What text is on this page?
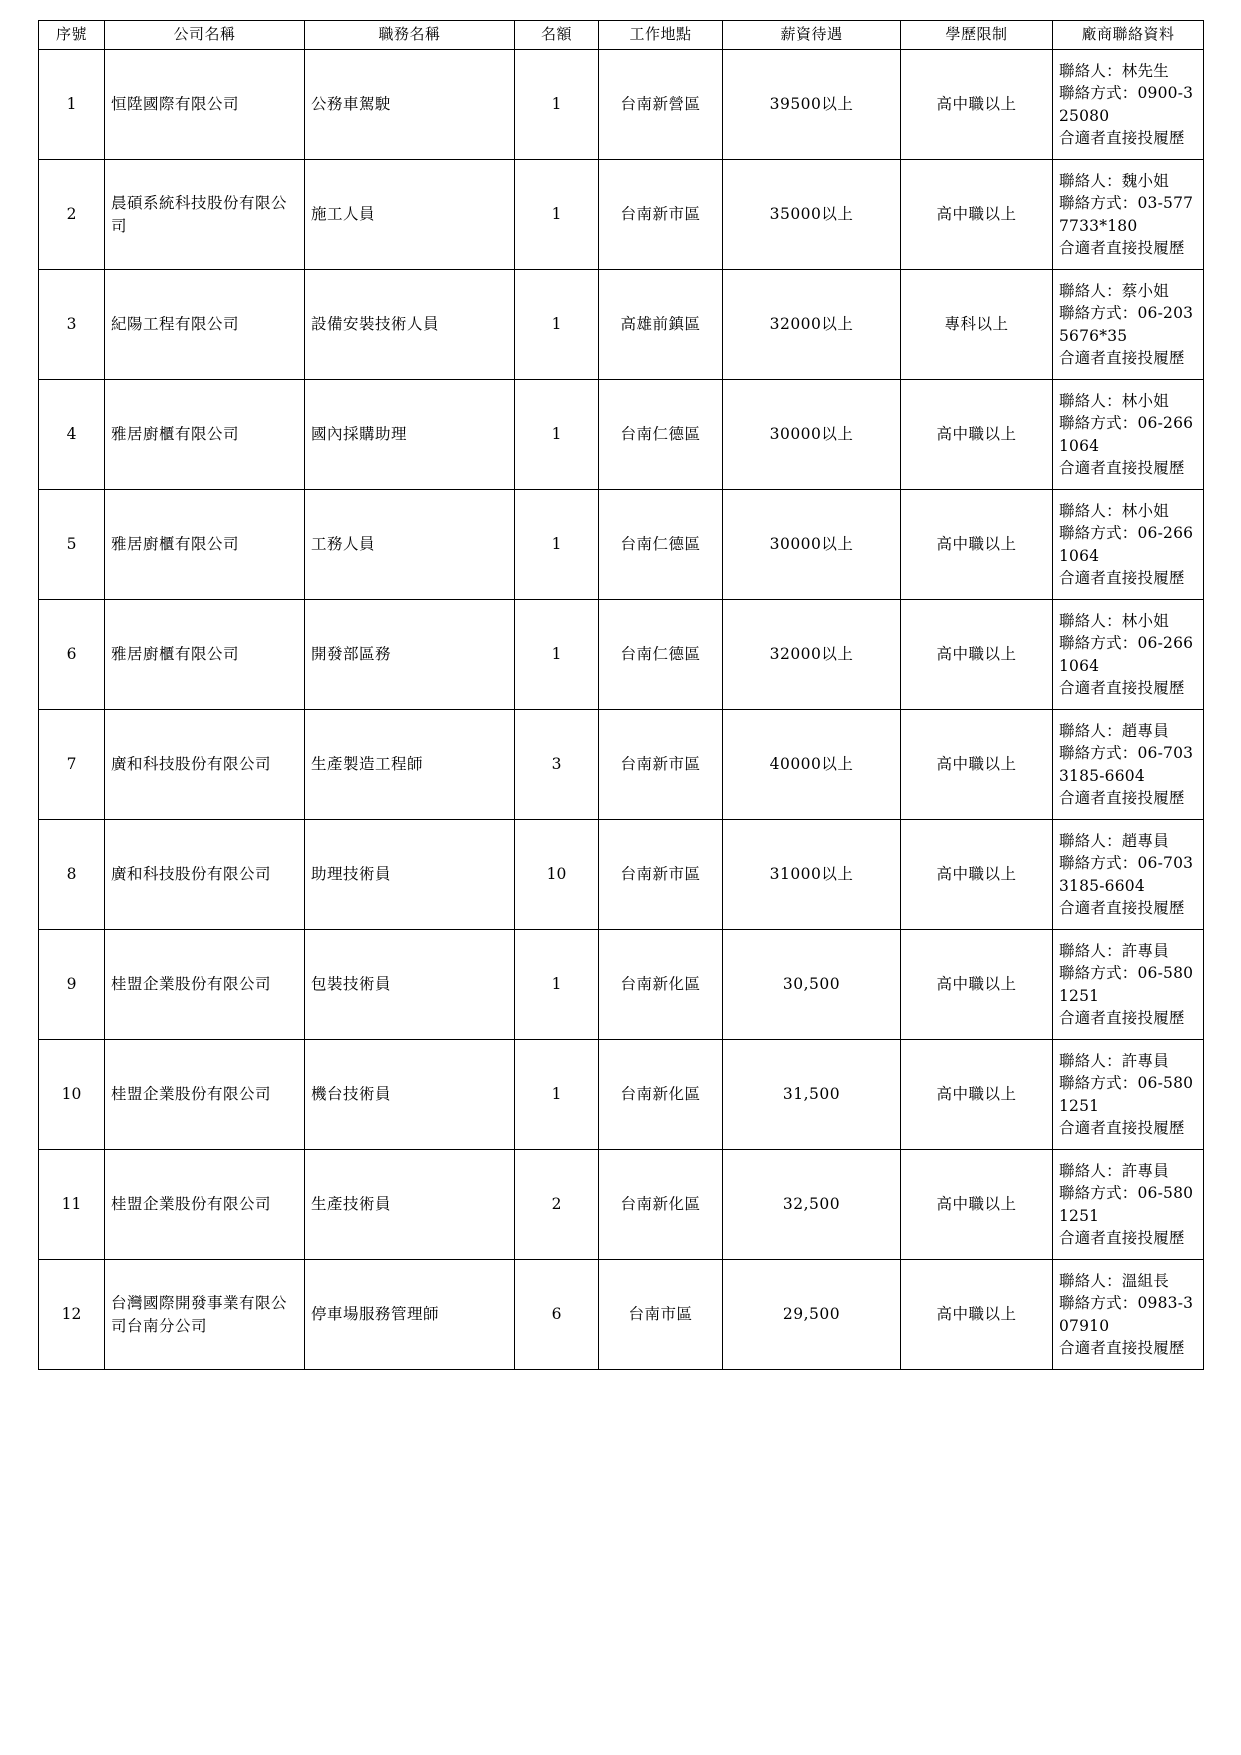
序號	公司名稱	職務名稱	名額	工作地點	薪資待遇	學歷限制	廠商聯絡資料
1	恒陞國際有限公司	公務車駕駛	1	台南新營區	39500以上	高中職以上	聯絡人：林先生
聯絡方式：0900-325080
合適者直接投履歷

2	晨碩系統科技股份有限公司	施工人員	1	台南新市區	35000以上	高中職以上	聯絡人：魏小姐
聯絡方式：03-5777733*180
合適者直接投履歷

3	紀陽工程有限公司	設備安裝技術人員	1	高雄前鎮區	32000以上	專科以上	聯絡人：蔡小姐
聯絡方式：06-2035676*35
合適者直接投履歷

4	雅居廚櫃有限公司	國內採購助理	1	台南仁德區	30000以上	高中職以上	聯絡人：林小姐
聯絡方式：06-2661064
合適者直接投履歷

5	雅居廚櫃有限公司	工務人員	1	台南仁德區	30000以上	高中職以上	聯絡人：林小姐
聯絡方式：06-2661064
合適者直接投履歷

6	雅居廚櫃有限公司	開發部區務	1	台南仁德區	32000以上	高中職以上	聯絡人：林小姐
聯絡方式：06-2661064
合適者直接投履歷

7	廣和科技股份有限公司	生產製造工程師	3	台南新市區	40000以上	高中職以上	聯絡人：趙專員
聯絡方式：06-7033185-6604
合適者直接投履歷

8	廣和科技股份有限公司	助理技術員	10	台南新市區	31000以上	高中職以上	聯絡人：趙專員
聯絡方式：06-7033185-6604
合適者直接投履歷

9	桂盟企業股份有限公司	包裝技術員	1	台南新化區	30,500	高中職以上	聯絡人：許專員
聯絡方式：06-5801251
合適者直接投履歷

10	桂盟企業股份有限公司	機台技術員	1	台南新化區	31,500	高中職以上	聯絡人：許專員
聯絡方式：06-5801251
合適者直接投履歷

11	桂盟企業股份有限公司	生產技術員	2	台南新化區	32,500	高中職以上	聯絡人：許專員
聯絡方式：06-5801251
合適者直接投履歷

12	台灣國際開發事業有限公司台南分公司	停車場服務管理師	6	台南市區	29,500	高中職以上	聯絡人：溫組長
聯絡方式：0983-307910
合適者直接投履歷
